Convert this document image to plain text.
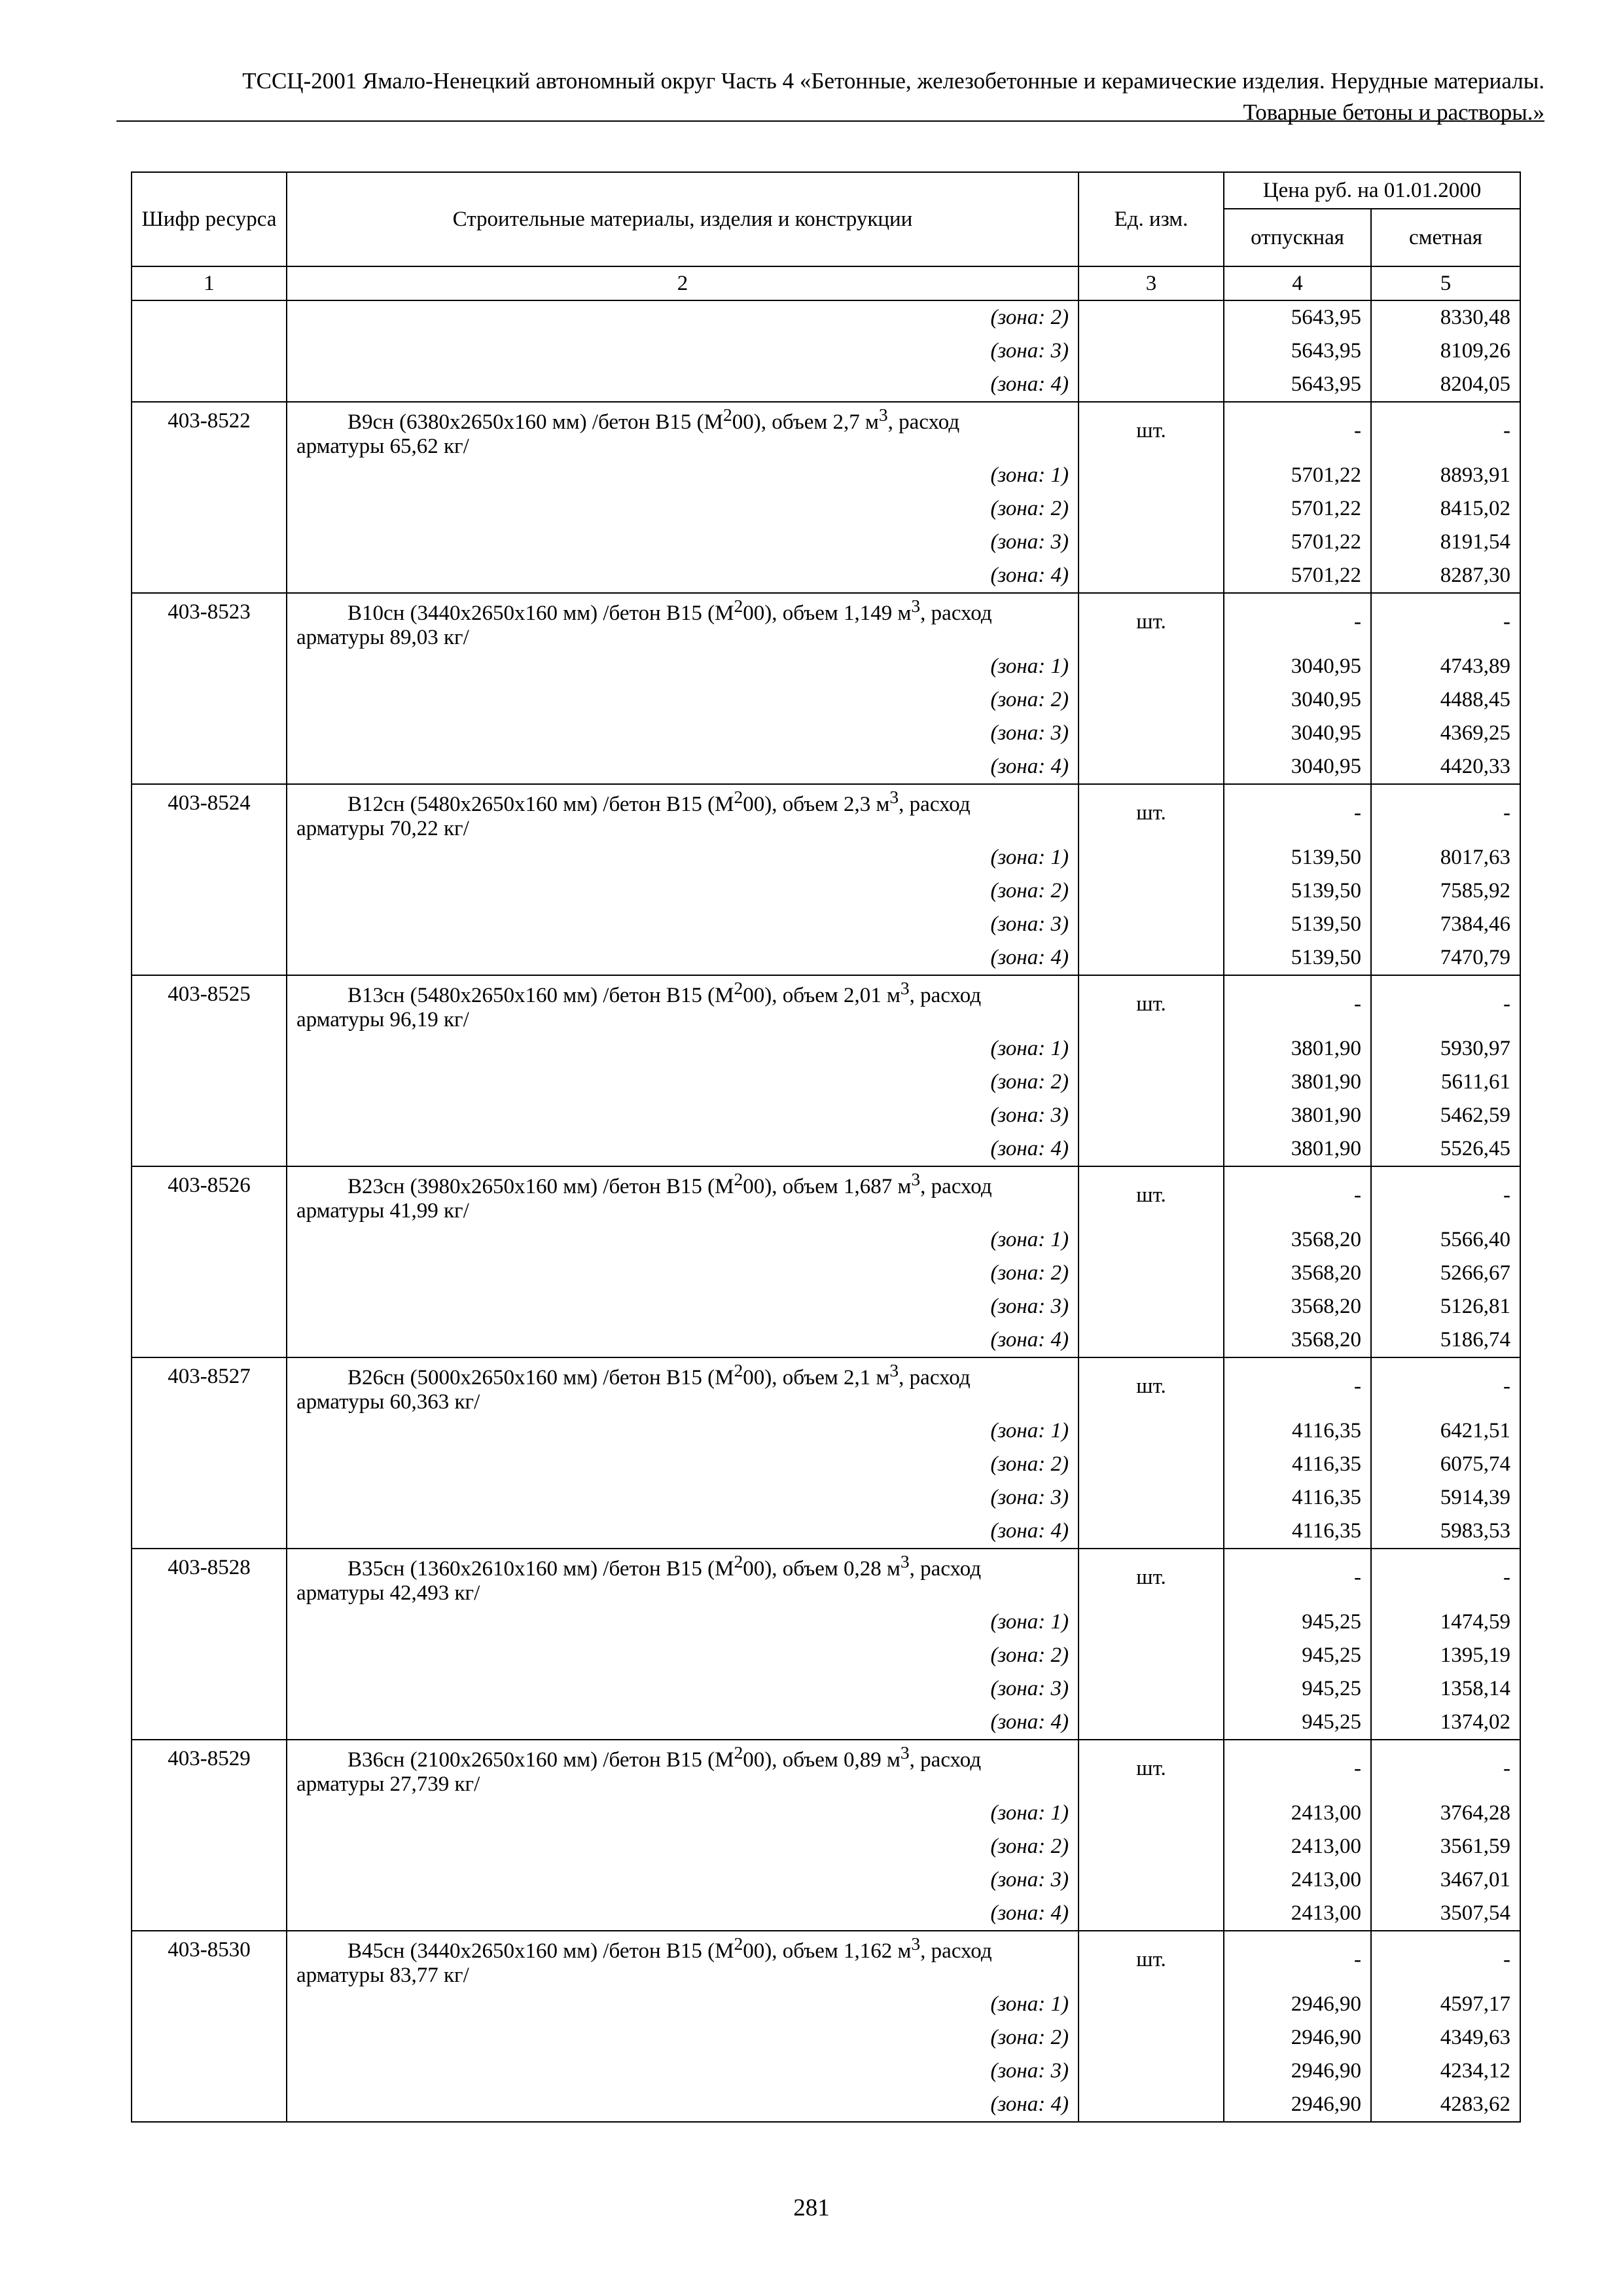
ТССЦ-2001 Ямало-Ненецкий автономный округ Часть 4 «Бетонные, железобетонные и керамические изделия. Нерудные материалы.
Товарные бетоны и растворы.»
Шифр ресурса	Строительные материалы, изделия и конструкции	Ед. изм.	Цена руб. на 01.01.2000	
			отпускная	сметная
1	2	3	4	5
	(зона: 2)		5643,95	8330,48
	(зона: 3)		5643,95	8109,26
	(зона: 4)		5643,95	8204,05
403-8522	В9сн (6380х2650х160 мм) /бетон В15 $(М^200)$, объем 2,7 $м^3$, расход
арматуры 65,62 кг/	шт.	-	-
	(зона: 1)		5701,22	8893,91
	(зона: 2)		5701,22	8415,02
	(зона: 3)		5701,22	8191,54
	(зона: 4)		5701,22	8287,30
403-8523	В10сн (3440х2650х160 мм) /бетон В15 $(М^200)$, объем 1,149 $м^3$, расход
арматуры 89,03 кг/	шт.	-	-
	(зона: 1)		3040,95	4743,89
	(зона: 2)		3040,95	4488,45
	(зона: 3)		3040,95	4369,25
	(зона: 4)		3040,95	4420,33
403-8524	В12сн (5480х2650х160 мм) /бетон В15 $(М^200)$, объем 2,3 $м^3$, расход
арматуры 70,22 кг/	шт.	-	-
	(зона: 1)		5139,50	8017,63
	(зона: 2)		5139,50	7585,92
	(зона: 3)		5139,50	7384,46
	(зона: 4)		5139,50	7470,79
403-8525	В13сн (5480х2650х160 мм) /бетон В15 $(М^200)$, объем 2,01 $м^3$, расход
арматуры 96,19 кг/	шт.	-	-
	(зона: 1)		3801,90	5930,97
	(зона: 2)		3801,90	5611,61
	(зона: 3)		3801,90	5462,59
	(зона: 4)		3801,90	5526,45
403-8526	В23сн (3980х2650х160 мм) /бетон В15 $(М^200)$, объем 1,687 $м^3$, расход
арматуры 41,99 кг/	шт.	-	-
	(зона: 1)		3568,20	5566,40
	(зона: 2)		3568,20	5266,67
	(зона: 3)		3568,20	5126,81
	(зона: 4)		3568,20	5186,74
403-8527	В26сн (5000х2650х160 мм) /бетон В15 $(М^200)$, объем 2,1 $м^3$, расход
арматуры 60,363 кг/	шт.	-	-
	(зона: 1)		4116,35	6421,51
	(зона: 2)		4116,35	6075,74
	(зона: 3)		4116,35	5914,39
	(зона: 4)		4116,35	5983,53
403-8528	В35сн (1360х2610х160 мм) /бетон В15 $(М^200)$, объем 0,28 $м^3$, расход
арматуры 42,493 кг/	шт.	-	-
	(зона: 1)		945,25	1474,59
	(зона: 2)		945,25	1395,19
	(зона: 3)		945,25	1358,14
	(зона: 4)		945,25	1374,02
403-8529	В36сн (2100х2650х160 мм) /бетон В15 $(М^200)$, объем 0,89 $м^3$, расход
арматуры 27,739 кг/	шт.	-	-
	(зона: 1)		2413,00	3764,28
	(зона: 2)		2413,00	3561,59
	(зона: 3)		2413,00	3467,01
	(зона: 4)		2413,00	3507,54
403-8530	В45сн (3440х2650х160 мм) /бетон В15 $(М^200)$, объем 1,162 $м^3$, расход
арматуры 83,77 кг/	шт.	-	-
	(зона: 1)		2946,90	4597,17
	(зона: 2)		2946,90	4349,63
	(зона: 3)		2946,90	4234,12
	(зона: 4)		2946,90	4283,62
281
